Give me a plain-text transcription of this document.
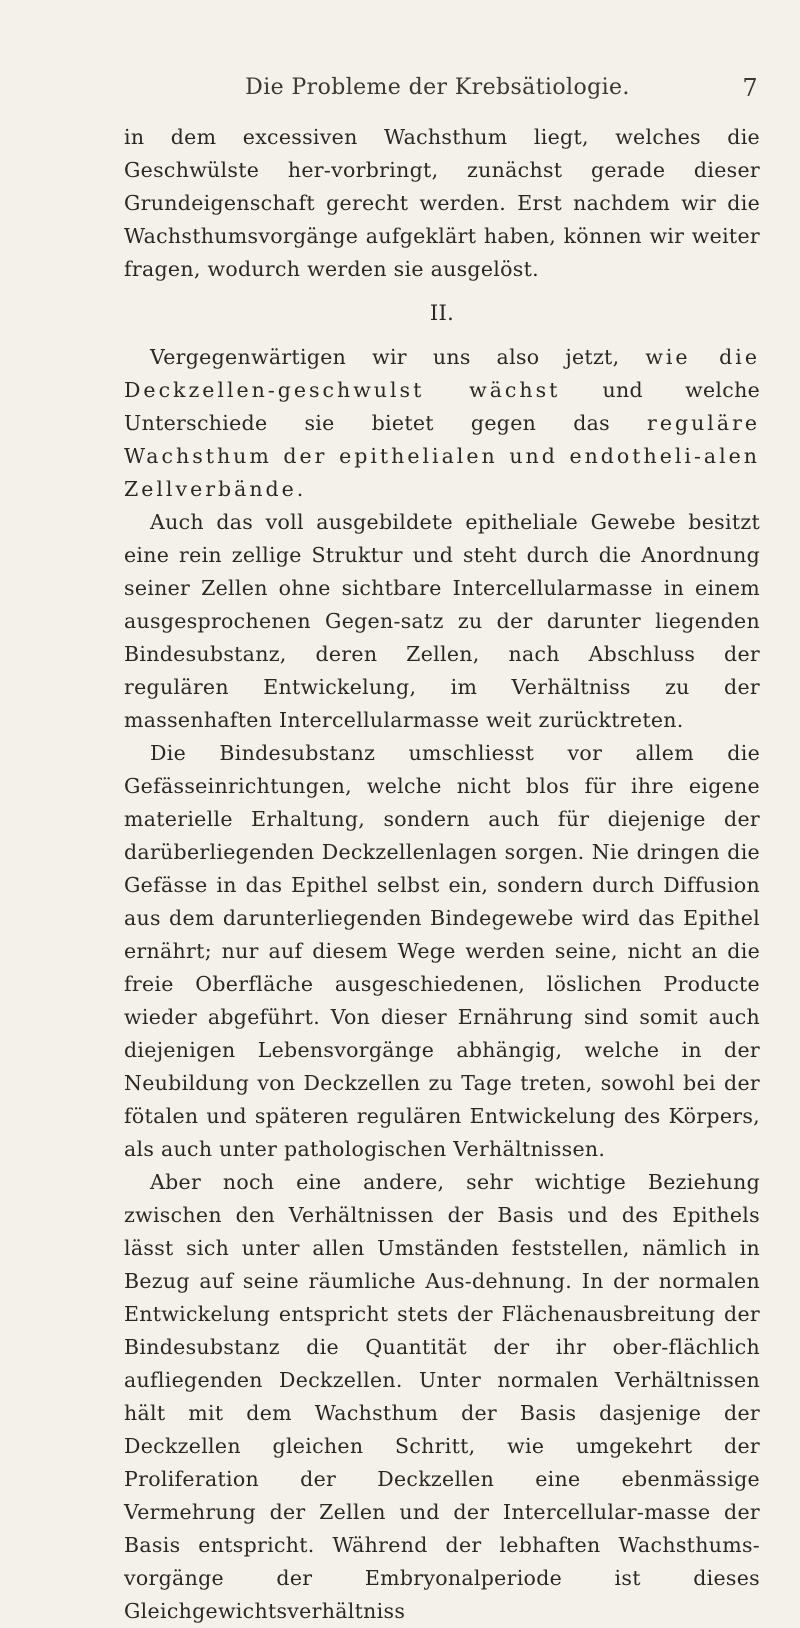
Die Probleme der Krebsätiologie.	7

in dem excessiven Wachsthum liegt, welches die Geschwülste her-vorbringt, zunächst gerade dieser Grundeigenschaft gerecht werden. Erst nachdem wir die Wachsthumsvorgänge aufgeklärt haben, können wir weiter fragen, wodurch werden sie ausgelöst.

II.

Vergegenwärtigen wir uns also jetzt, wie die Deckzellen-geschwulst wächst und welche Unterschiede sie bietet gegen das reguläre Wachsthum der epithelialen und endotheli-alen Zellverbände.

Auch das voll ausgebildete epitheliale Gewebe besitzt eine rein zellige Struktur und steht durch die Anordnung seiner Zellen ohne sichtbare Intercellularmasse in einem ausgesprochenen Gegen-satz zu der darunter liegenden Bindesubstanz, deren Zellen, nach Abschluss der regulären Entwickelung, im Verhältniss zu der massenhaften Intercellularmasse weit zurücktreten.

Die Bindesubstanz umschliesst vor allem die Gefässeinrichtungen, welche nicht blos für ihre eigene materielle Erhaltung, sondern auch für diejenige der darüberliegenden Deckzellenlagen sorgen. Nie dringen die Gefässe in das Epithel selbst ein, sondern durch Diffusion aus dem darunterliegenden Bindegewebe wird das Epithel ernährt; nur auf diesem Wege werden seine, nicht an die freie Oberfläche ausgeschiedenen, löslichen Producte wieder abgeführt. Von dieser Ernährung sind somit auch diejenigen Lebensvorgänge abhängig, welche in der Neubildung von Deckzellen zu Tage treten, sowohl bei der fötalen und späteren regulären Entwickelung des Körpers, als auch unter pathologischen Verhältnissen.

Aber noch eine andere, sehr wichtige Beziehung zwischen den Verhältnissen der Basis und des Epithels lässt sich unter allen Umständen feststellen, nämlich in Bezug auf seine räumliche Aus-dehnung. In der normalen Entwickelung entspricht stets der Flächenausbreitung der Bindesubstanz die Quantität der ihr ober-flächlich aufliegenden Deckzellen. Unter normalen Verhältnissen hält mit dem Wachsthum der Basis dasjenige der Deckzellen gleichen Schritt, wie umgekehrt der Proliferation der Deckzellen eine ebenmässige Vermehrung der Zellen und der Intercellular-masse der Basis entspricht. Während der lebhaften Wachsthums-vorgänge der Embryonalperiode ist dieses Gleichgewichtsverhältniss
